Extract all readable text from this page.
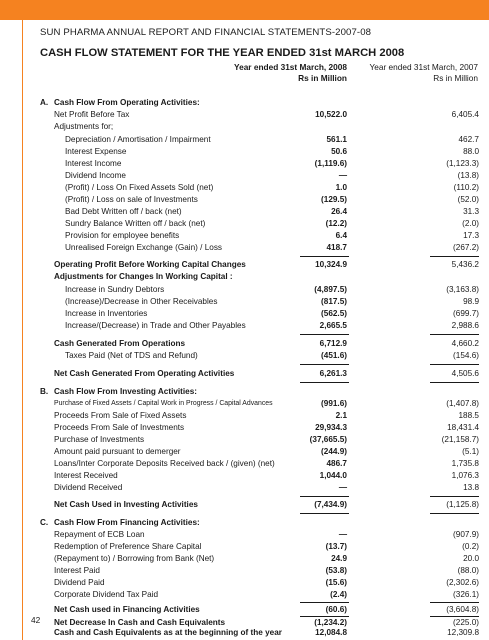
SUN PHARMA ANNUAL REPORT AND FINANCIAL STATEMENTS-2007-08
CASH FLOW STATEMENT FOR THE YEAR ENDED 31st MARCH 2008
Year ended 31st March, 2008
Rs in Million
Year ended 31st March, 2007
Rs in Million
A. Cash Flow From Operating Activities:
Net Profit Before Tax	10,522.0	6,405.4
Adjustments for;
Depreciation / Amortisation / Impairment	561.1	462.7
Interest Expense	50.6	88.0
Interest Income	(1,119.6)	(1,123.3)
Dividend Income	—	(13.8)
(Profit) / Loss On Fixed Assets Sold (net)	1.0	(110.2)
(Profit) / Loss on sale of Investments	(129.5)	(52.0)
Bad Debt Written off / back (net)	26.4	31.3
Sundry Balance Written off / back (net)	(12.2)	(2.0)
Provision for employee benefits	6.4	17.3
Unrealised Foreign Exchange (Gain) / Loss	418.7	(267.2)
Operating Profit Before Working Capital Changes	10,324.9	5,436.2
Adjustments for Changes In Working Capital :
Increase in Sundry Debtors	(4,897.5)	(3,163.8)
(Increase)/Decrease in Other Receivables	(817.5)	98.9
Increase in Inventories	(562.5)	(699.7)
Increase/(Decrease) in Trade and Other Payables	2,665.5	2,988.6
Cash Generated From Operations	6,712.9	4,660.2
Taxes Paid (Net of TDS and Refund)	(451.6)	(154.6)
Net Cash Generated From Operating Activities	6,261.3	4,505.6
B. Cash Flow From Investing Activities:
Purchase of Fixed Assets / Capital Work in Progress / Capital Advances	(991.6)	(1,407.8)
Proceeds From Sale of Fixed Assets	2.1	188.5
Proceeds From Sale of Investments	29,934.3	18,431.4
Purchase of Investments	(37,665.5)	(21,158.7)
Amount paid pursuant to demerger	(244.9)	(5.1)
Loans/Inter Corporate Deposits Received back / (given) (net)	486.7	1,735.8
Interest Received	1,044.0	1,076.3
Dividend Received	—	13.8
Net Cash Used in Investing Activities	(7,434.9)	(1,125.8)
C. Cash Flow From Financing Activities:
Repayment of ECB Loan	—	(907.9)
Redemption of Preference Share Capital	(13.7)	(0.2)
(Repayment to) / Borrowing from Bank (Net)	24.9	20.0
Interest Paid	(53.8)	(88.0)
Dividend Paid	(15.6)	(2,302.6)
Corporate Dividend Tax Paid	(2.4)	(326.1)
Net Cash used in Financing Activities	(60.6)	(3,604.8)
Net Decrease In Cash and Cash Equivalents	(1,234.2)	(225.0)
Cash and Cash Equivalents as at the beginning of the year	12,084.8	12,309.8
42
